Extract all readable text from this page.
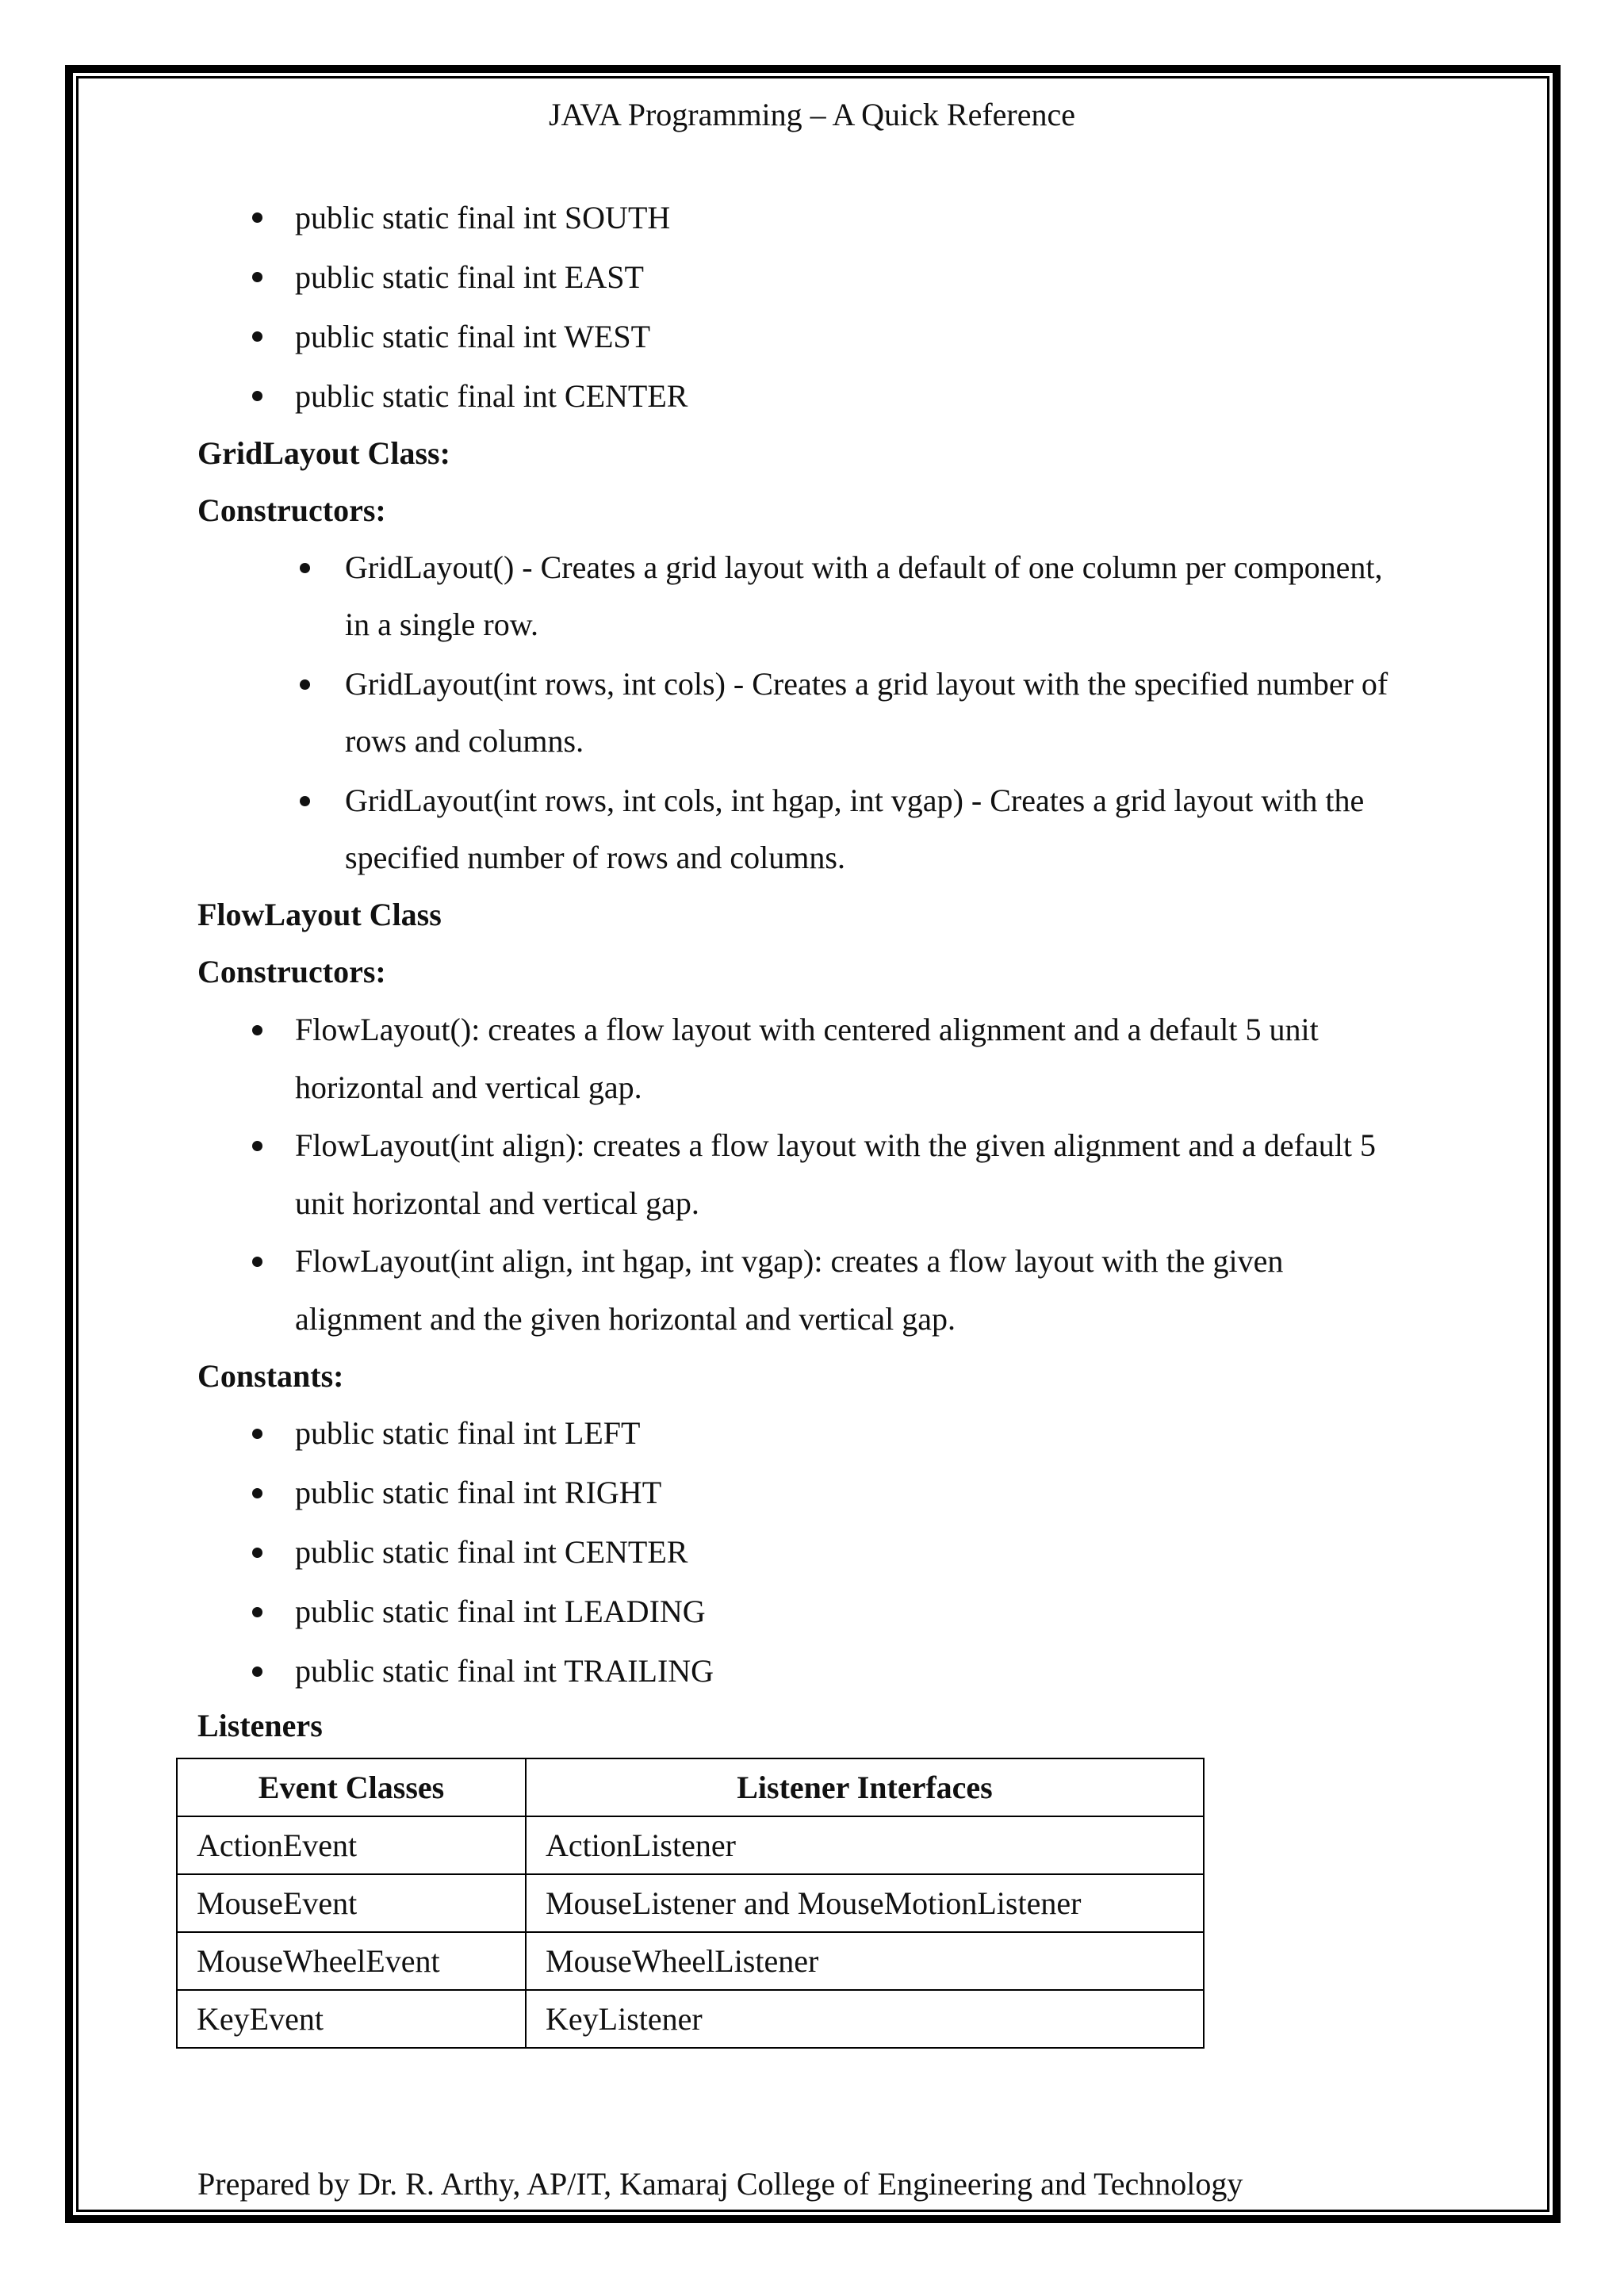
JAVA Programming – A Quick Reference
public static final int SOUTH
public static final int EAST
public static final int WEST
public static final int CENTER
GridLayout Class:
Constructors:
GridLayout() - Creates a grid layout with a default of one column per component,
in a single row.
GridLayout(int rows, int cols) - Creates a grid layout with the specified number of
rows and columns.
GridLayout(int rows, int cols, int hgap, int vgap) - Creates a grid layout with the
specified number of rows and columns.
FlowLayout Class
Constructors:
FlowLayout(): creates a flow layout with centered alignment and a default 5 unit
horizontal and vertical gap.
FlowLayout(int align): creates a flow layout with the given alignment and a default 5
unit horizontal and vertical gap.
FlowLayout(int align, int hgap, int vgap): creates a flow layout with the given
alignment and the given horizontal and vertical gap.
Constants:
public static final int LEFT
public static final int RIGHT
public static final int CENTER
public static final int LEADING
public static final int TRAILING
Listeners
Event Classes	Listener Interfaces
ActionEvent	ActionListener
MouseEvent	MouseListener and MouseMotionListener
MouseWheelEvent	MouseWheelListener
KeyEvent	KeyListener
Prepared by Dr. R. Arthy, AP/IT, Kamaraj College of Engineering and Technology
